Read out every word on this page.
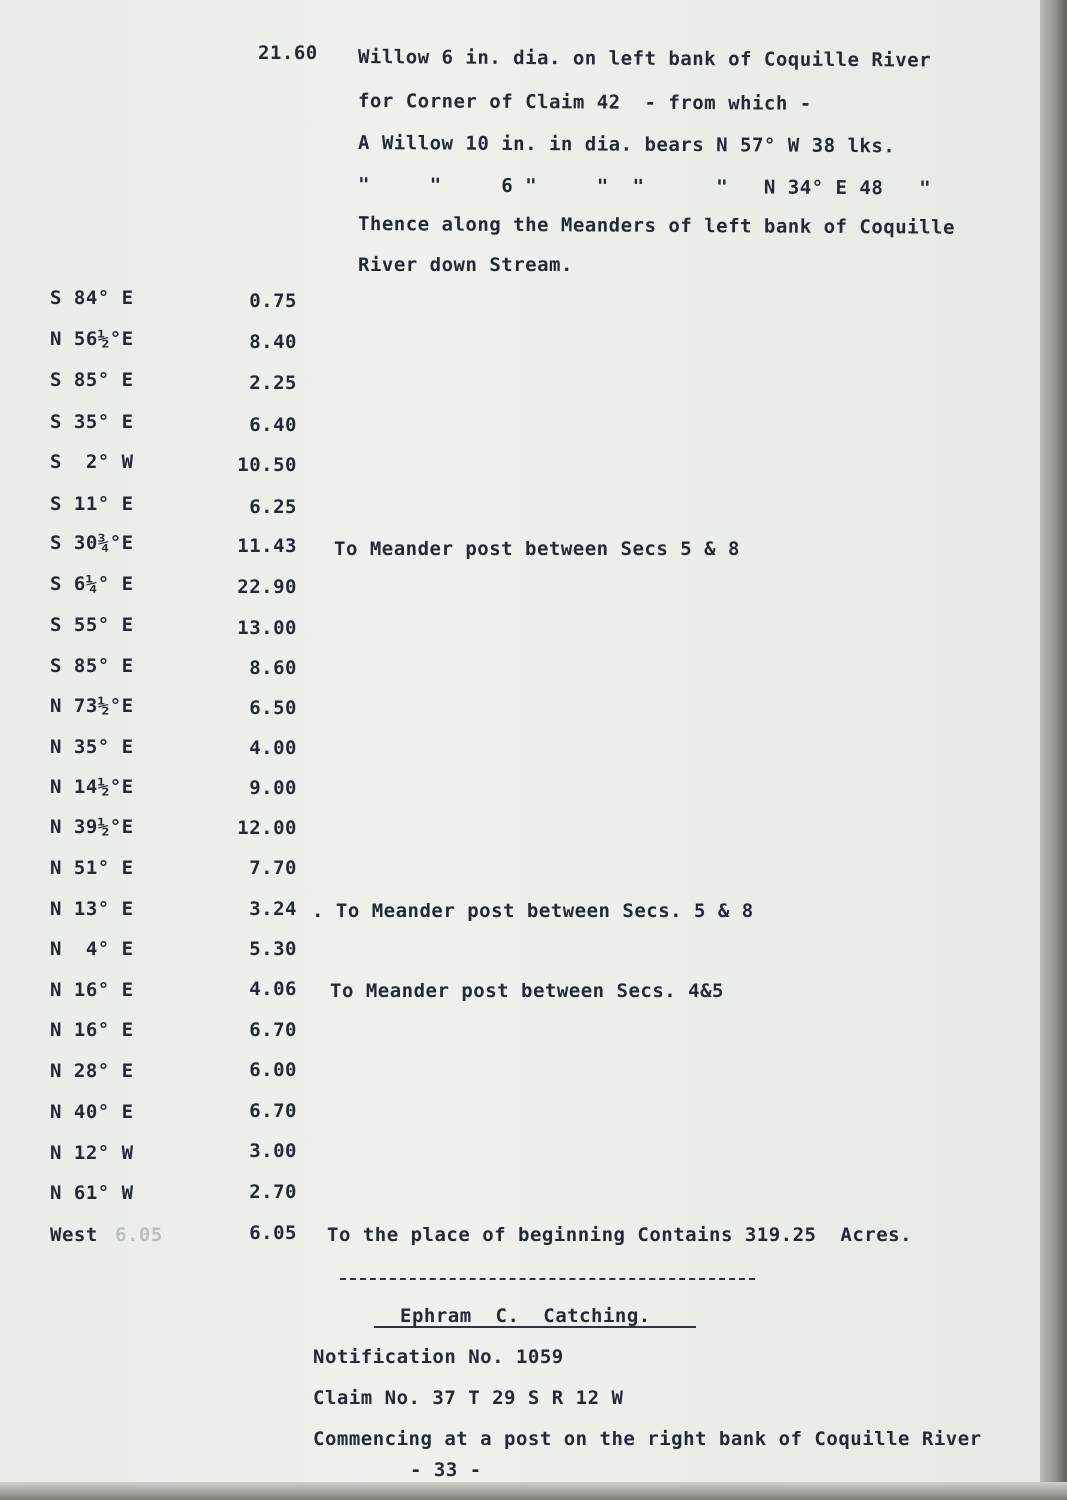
21.60 Willow 6 in. dia. on left bank of Coquille River
for Corner of Claim 42  - from which -
A Willow 10 in. in dia. bears N 57° W 38 lks.
"     "     6 "     "  "      "   N 34° E 48   "
Thence along the Meanders of left bank of Coquille
River down Stream.
S 84° E	0.75
N 56½°E	8.40
S 85° E	2.25
S 35° E	6.40
S  2° W	10.50
S 11° E	6.25
S 30¾°E	11.43 To Meander post between Secs 5 & 8
S 6¼° E	22.90
S 55° E	13.00
S 85° E	8.60
N 73½°E	6.50
N 35° E	4.00
N 14½°E	9.00
N 39½°E	12.00
N 51° E	7.70
N 13° E	3.24 . To Meander post between Secs. 5 & 8
N  4° E	5.30
N 16° E	4.06 To Meander post between Secs. 4&5
N 16° E	6.70
N 28° E	6.00
N 40° E	6.70
N 12° W	3.00
N 61° W	2.70
West 6.05	6.05 To the place of beginning Contains 319.25  Acres.
Ephram  C.  Catching.
Notification No. 1059
Claim No. 37 T 29 S R 12 W
Commencing at a post on the right bank of Coquille River
- 33 -
